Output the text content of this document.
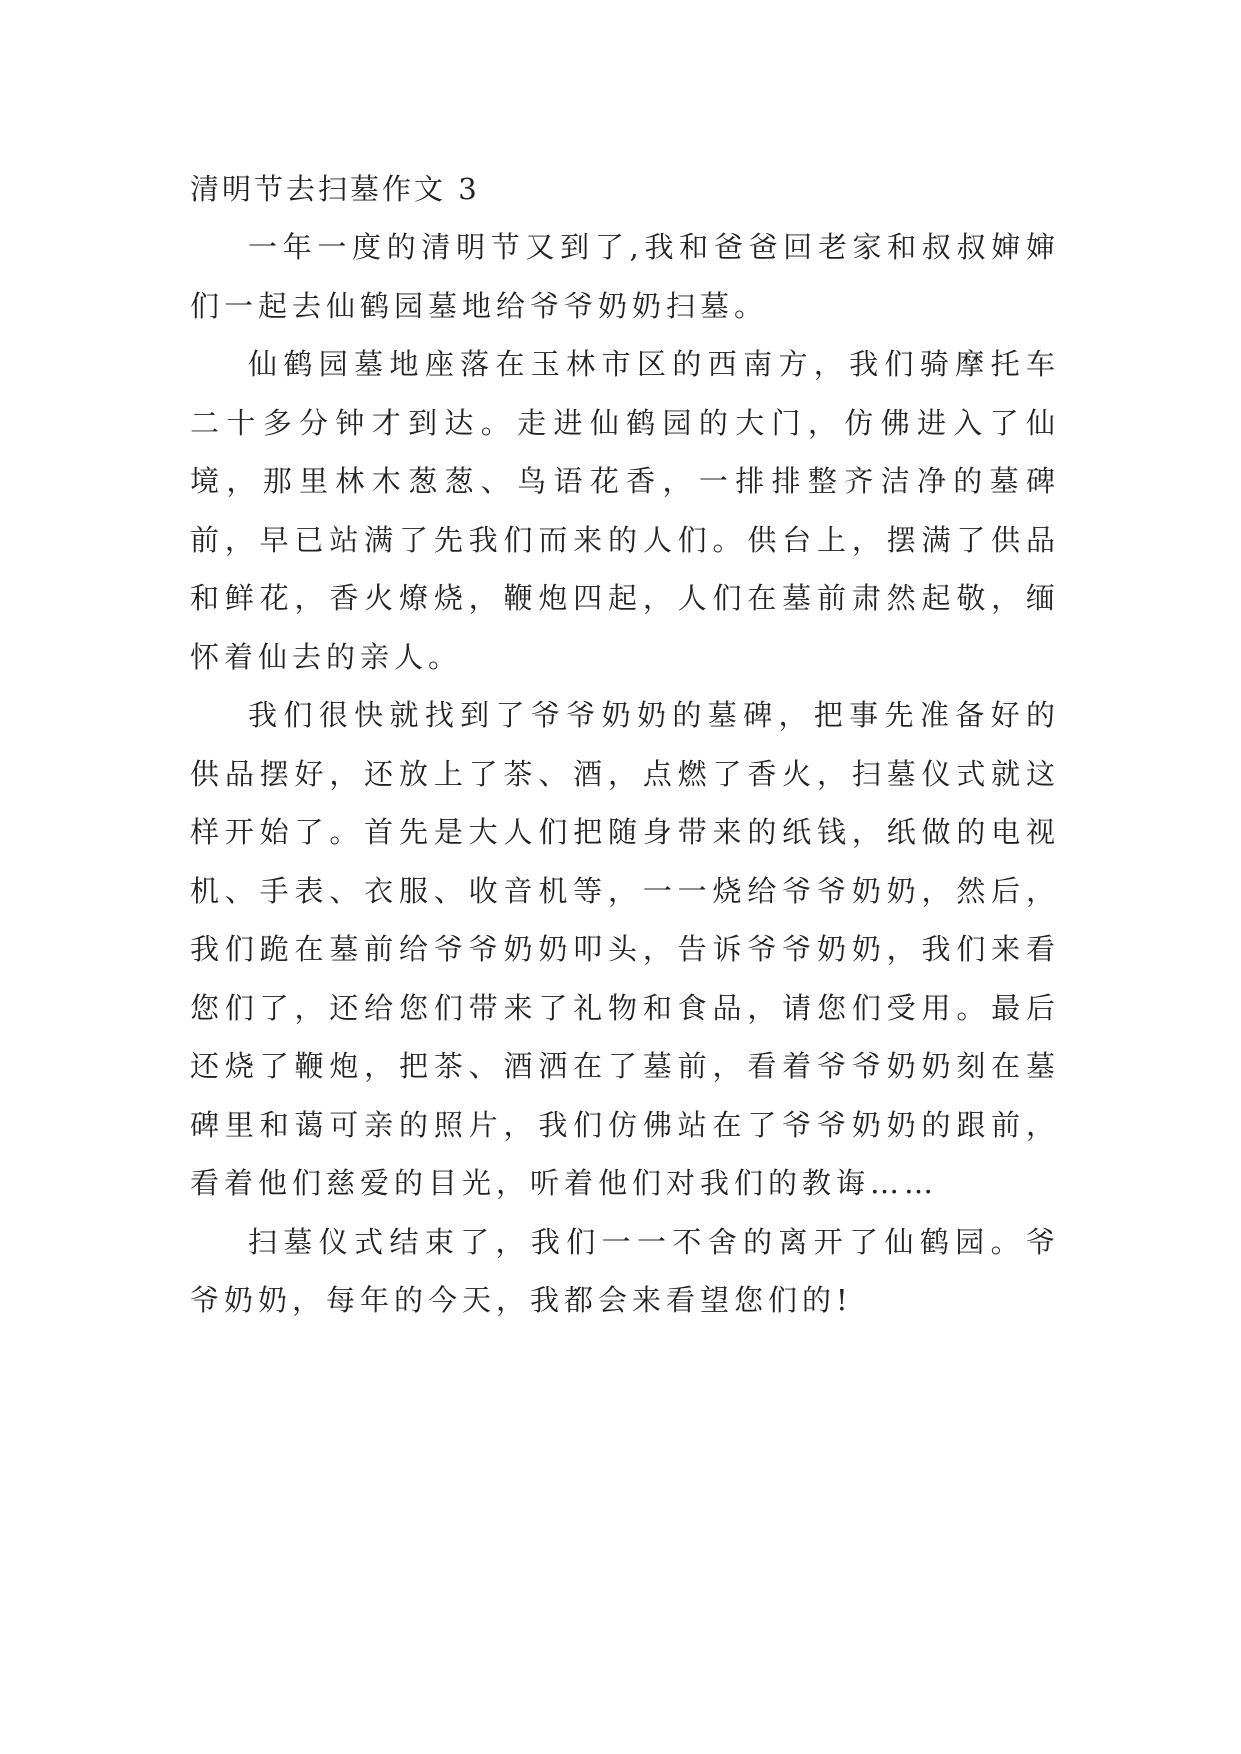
清明节去扫墓作文 3

一年一度的清明节又到了,我和爸爸回老家和叔叔婶婶们一起去仙鹤园墓地给爷爷奶奶扫墓。

仙鹤园墓地座落在玉林市区的西南方，我们骑摩托车二十多分钟才到达。走进仙鹤园的大门，仿佛进入了仙境，那里林木葱葱、鸟语花香，一排排整齐洁净的墓碑前，早已站满了先我们而来的人们。供台上，摆满了供品和鲜花，香火燎烧，鞭炮四起，人们在墓前肃然起敬，缅怀着仙去的亲人。

我们很快就找到了爷爷奶奶的墓碑，把事先准备好的供品摆好，还放上了茶、酒，点燃了香火，扫墓仪式就这样开始了。首先是大人们把随身带来的纸钱，纸做的电视机、手表、衣服、收音机等，一一烧给爷爷奶奶，然后，我们跪在墓前给爷爷奶奶叩头，告诉爷爷奶奶，我们来看您们了，还给您们带来了礼物和食品，请您们受用。最后还烧了鞭炮，把茶、酒洒在了墓前，看着爷爷奶奶刻在墓碑里和蔼可亲的照片，我们仿佛站在了爷爷奶奶的跟前，看着他们慈爱的目光，听着他们对我们的教诲……

扫墓仪式结束了，我们一一不舍的离开了仙鹤园。爷爷奶奶，每年的今天，我都会来看望您们的!
